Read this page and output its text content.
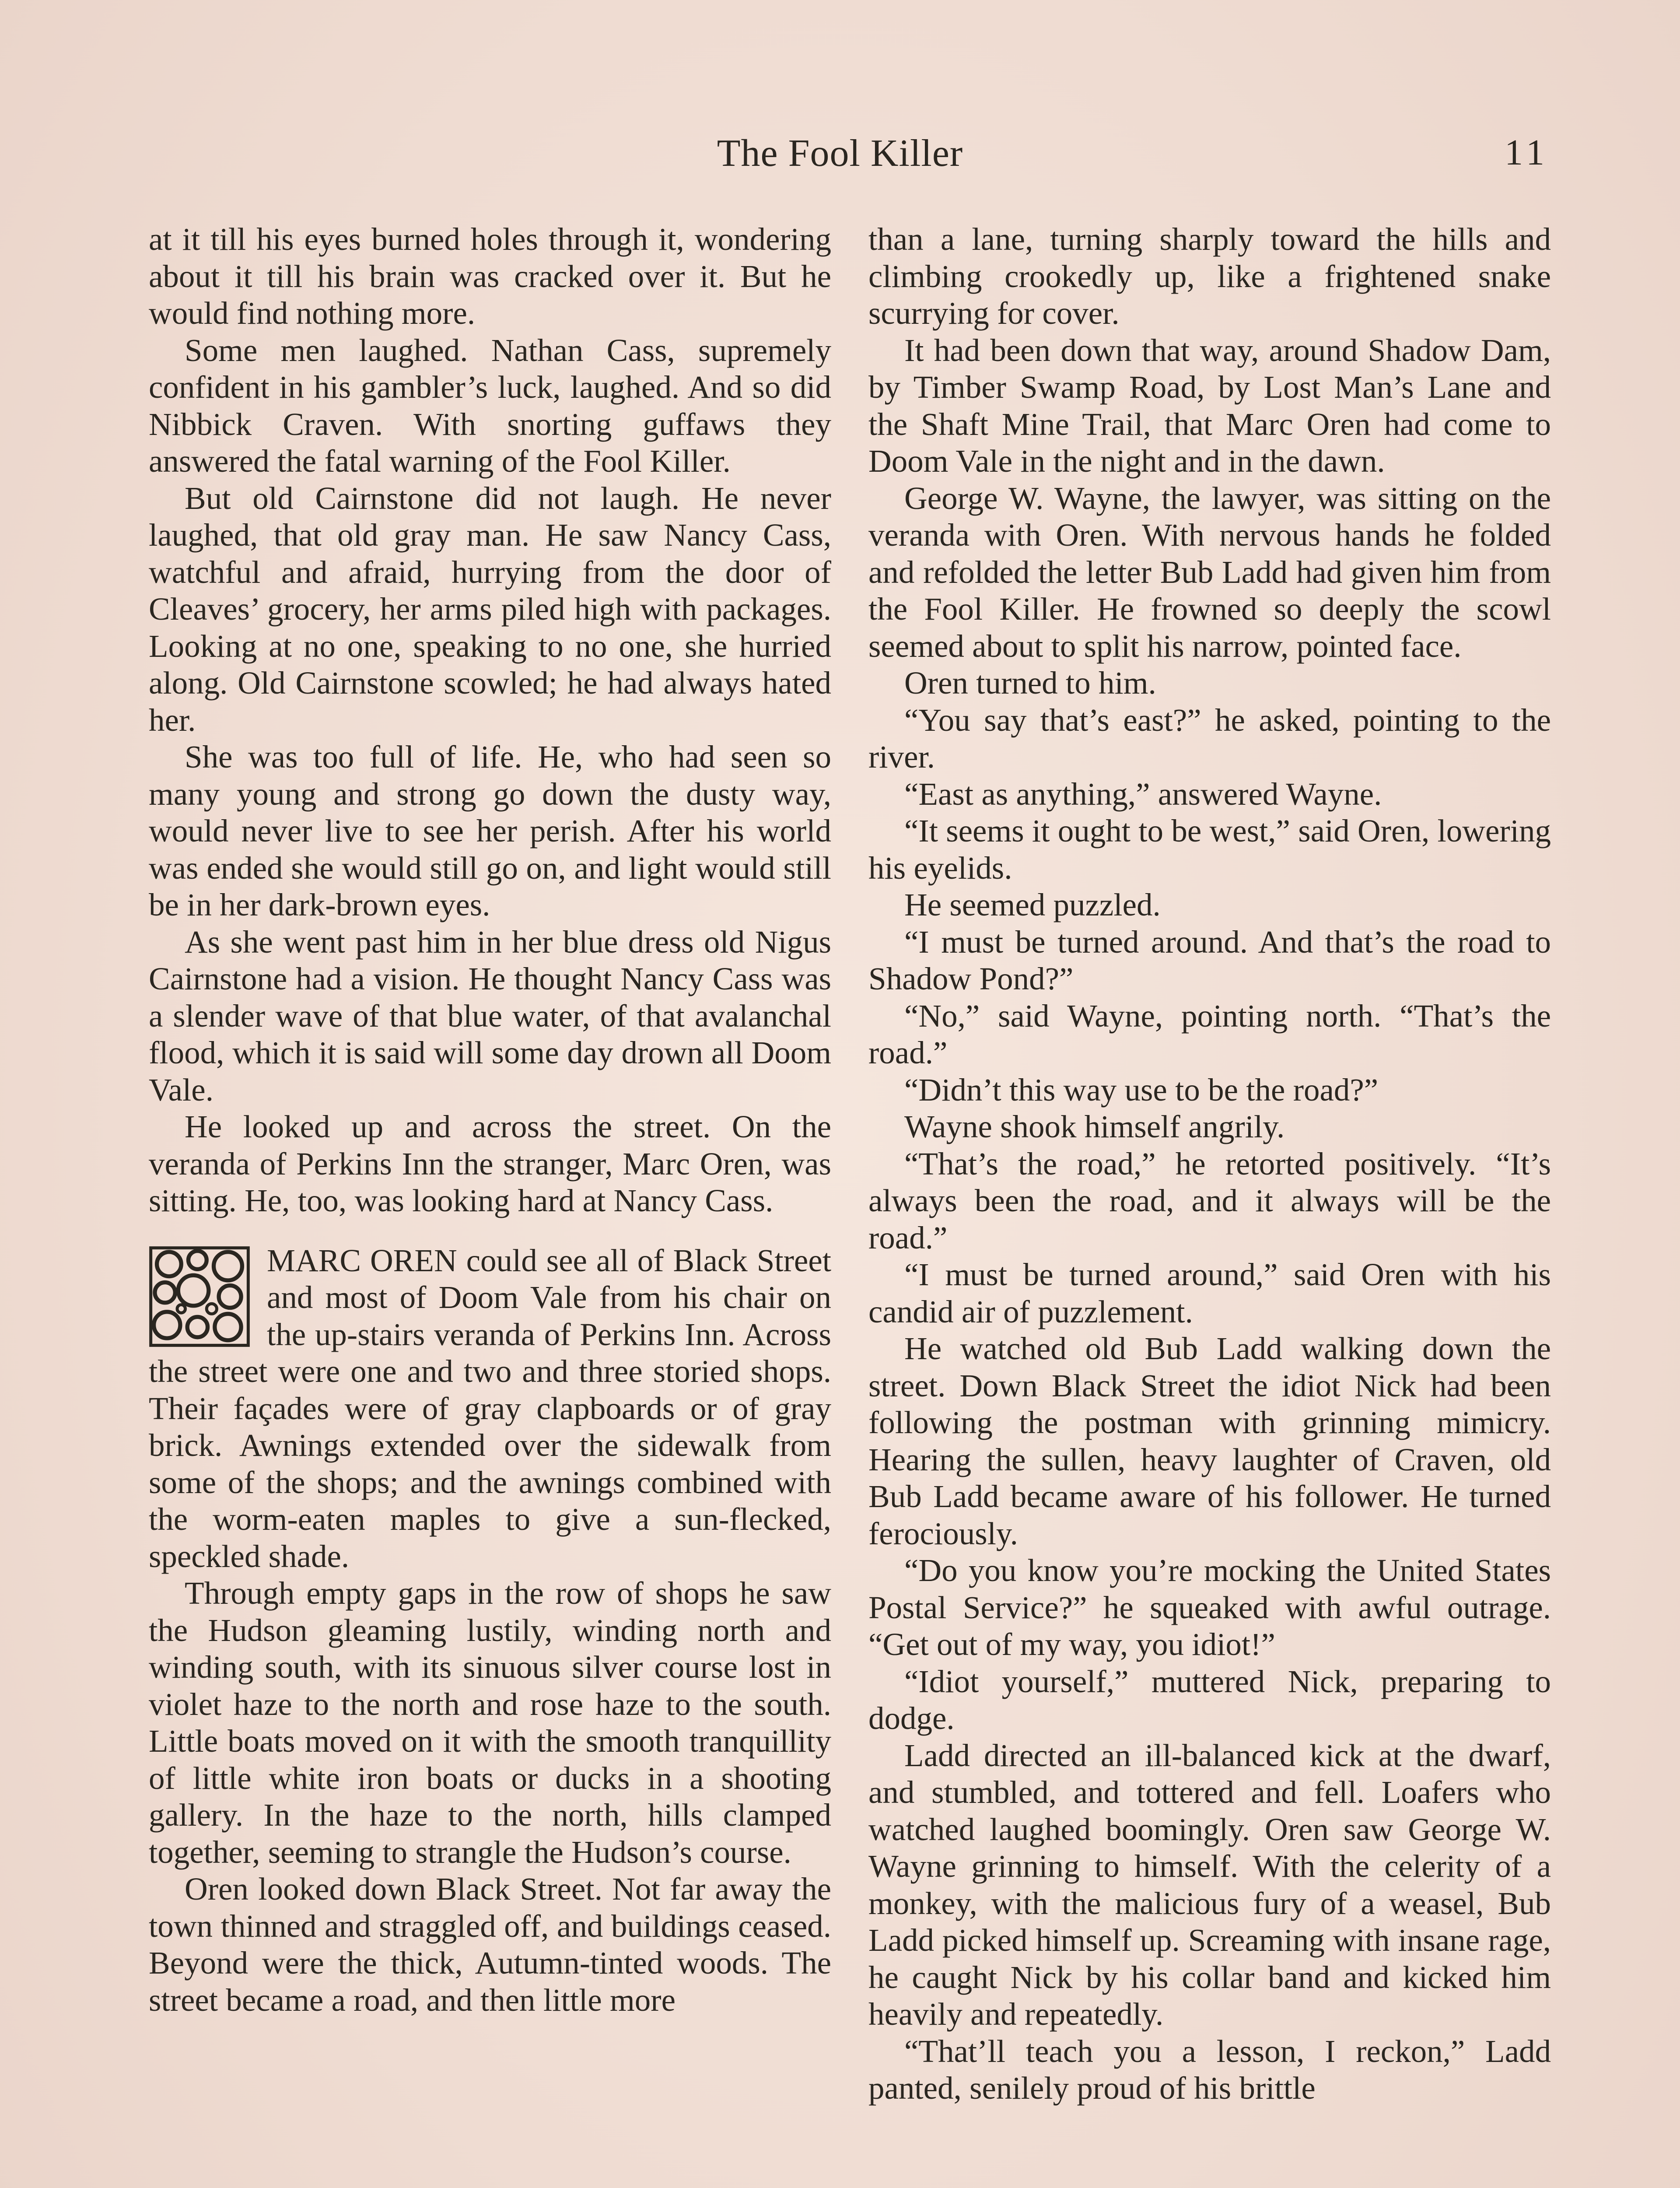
The Fool Killer	11

at it till his eyes burned holes through it, wondering about it till his brain was cracked over it. But he would find nothing more.

Some men laughed. Nathan Cass, supremely confident in his gambler’s luck, laughed. And so did Nibbick Craven. With snorting guffaws they answered the fatal warning of the Fool Killer.

But old Cairnstone did not laugh. He never laughed, that old gray man. He saw Nancy Cass, watchful and afraid, hurrying from the door of Cleaves’ grocery, her arms piled high with packages. Looking at no one, speaking to no one, she hurried along. Old Cairnstone scowled; he had always hated her.

She was too full of life. He, who had seen so many young and strong go down the dusty way, would never live to see her perish. After his world was ended she would still go on, and light would still be in her dark-brown eyes.

As she went past him in her blue dress old Nigus Cairnstone had a vision. He thought Nancy Cass was a slender wave of that blue water, of that avalanchal flood, which it is said will some day drown all Doom Vale.

He looked up and across the street. On the veranda of Perkins Inn the stranger, Marc Oren, was sitting. He, too, was looking hard at Nancy Cass.

MARC OREN could see all of Black Street and most of Doom Vale from his chair on the up-stairs veranda of Perkins Inn. Across the street were one and two and three storied shops. Their façades were of gray clapboards or of gray brick. Awnings extended over the sidewalk from some of the shops; and the awnings combined with the worm-eaten maples to give a sun-flecked, speckled shade.

Through empty gaps in the row of shops he saw the Hudson gleaming lustily, winding north and winding south, with its sinuous silver course lost in violet haze to the north and rose haze to the south. Little boats moved on it with the smooth tranquillity of little white iron boats or ducks in a shooting gallery. In the haze to the north, hills clamped together, seeming to strangle the Hudson’s course.

Oren looked down Black Street. Not far away the town thinned and straggled off, and buildings ceased. Beyond were the thick, Autumn-tinted woods. The street became a road, and then little more

than a lane, turning sharply toward the hills and climbing crookedly up, like a frightened snake scurrying for cover.

It had been down that way, around Shadow Dam, by Timber Swamp Road, by Lost Man’s Lane and the Shaft Mine Trail, that Marc Oren had come to Doom Vale in the night and in the dawn.

George W. Wayne, the lawyer, was sitting on the veranda with Oren. With nervous hands he folded and refolded the letter Bub Ladd had given him from the Fool Killer. He frowned so deeply the scowl seemed about to split his narrow, pointed face.

Oren turned to him.

“You say that’s east?” he asked, pointing to the river.

“East as anything,” answered Wayne.

“It seems it ought to be west,” said Oren, lowering his eyelids.

He seemed puzzled.

“I must be turned around. And that’s the road to Shadow Pond?”

“No,” said Wayne, pointing north. “That’s the road.”

“Didn’t this way use to be the road?”

Wayne shook himself angrily.

“That’s the road,” he retorted positively. “It’s always been the road, and it always will be the road.”

“I must be turned around,” said Oren with his candid air of puzzlement.

He watched old Bub Ladd walking down the street. Down Black Street the idiot Nick had been following the postman with grinning mimicry. Hearing the sullen, heavy laughter of Craven, old Bub Ladd became aware of his follower. He turned ferociously.

“Do you know you’re mocking the United States Postal Service?” he squeaked with awful outrage. “Get out of my way, you idiot!”

“Idiot yourself,” muttered Nick, preparing to dodge.

Ladd directed an ill-balanced kick at the dwarf, and stumbled, and tottered and fell. Loafers who watched laughed boomingly. Oren saw George W. Wayne grinning to himself. With the celerity of a monkey, with the malicious fury of a weasel, Bub Ladd picked himself up. Screaming with insane rage, he caught Nick by his collar band and kicked him heavily and repeatedly.

“That’ll teach you a lesson, I reckon,” Ladd panted, senilely proud of his brittle
